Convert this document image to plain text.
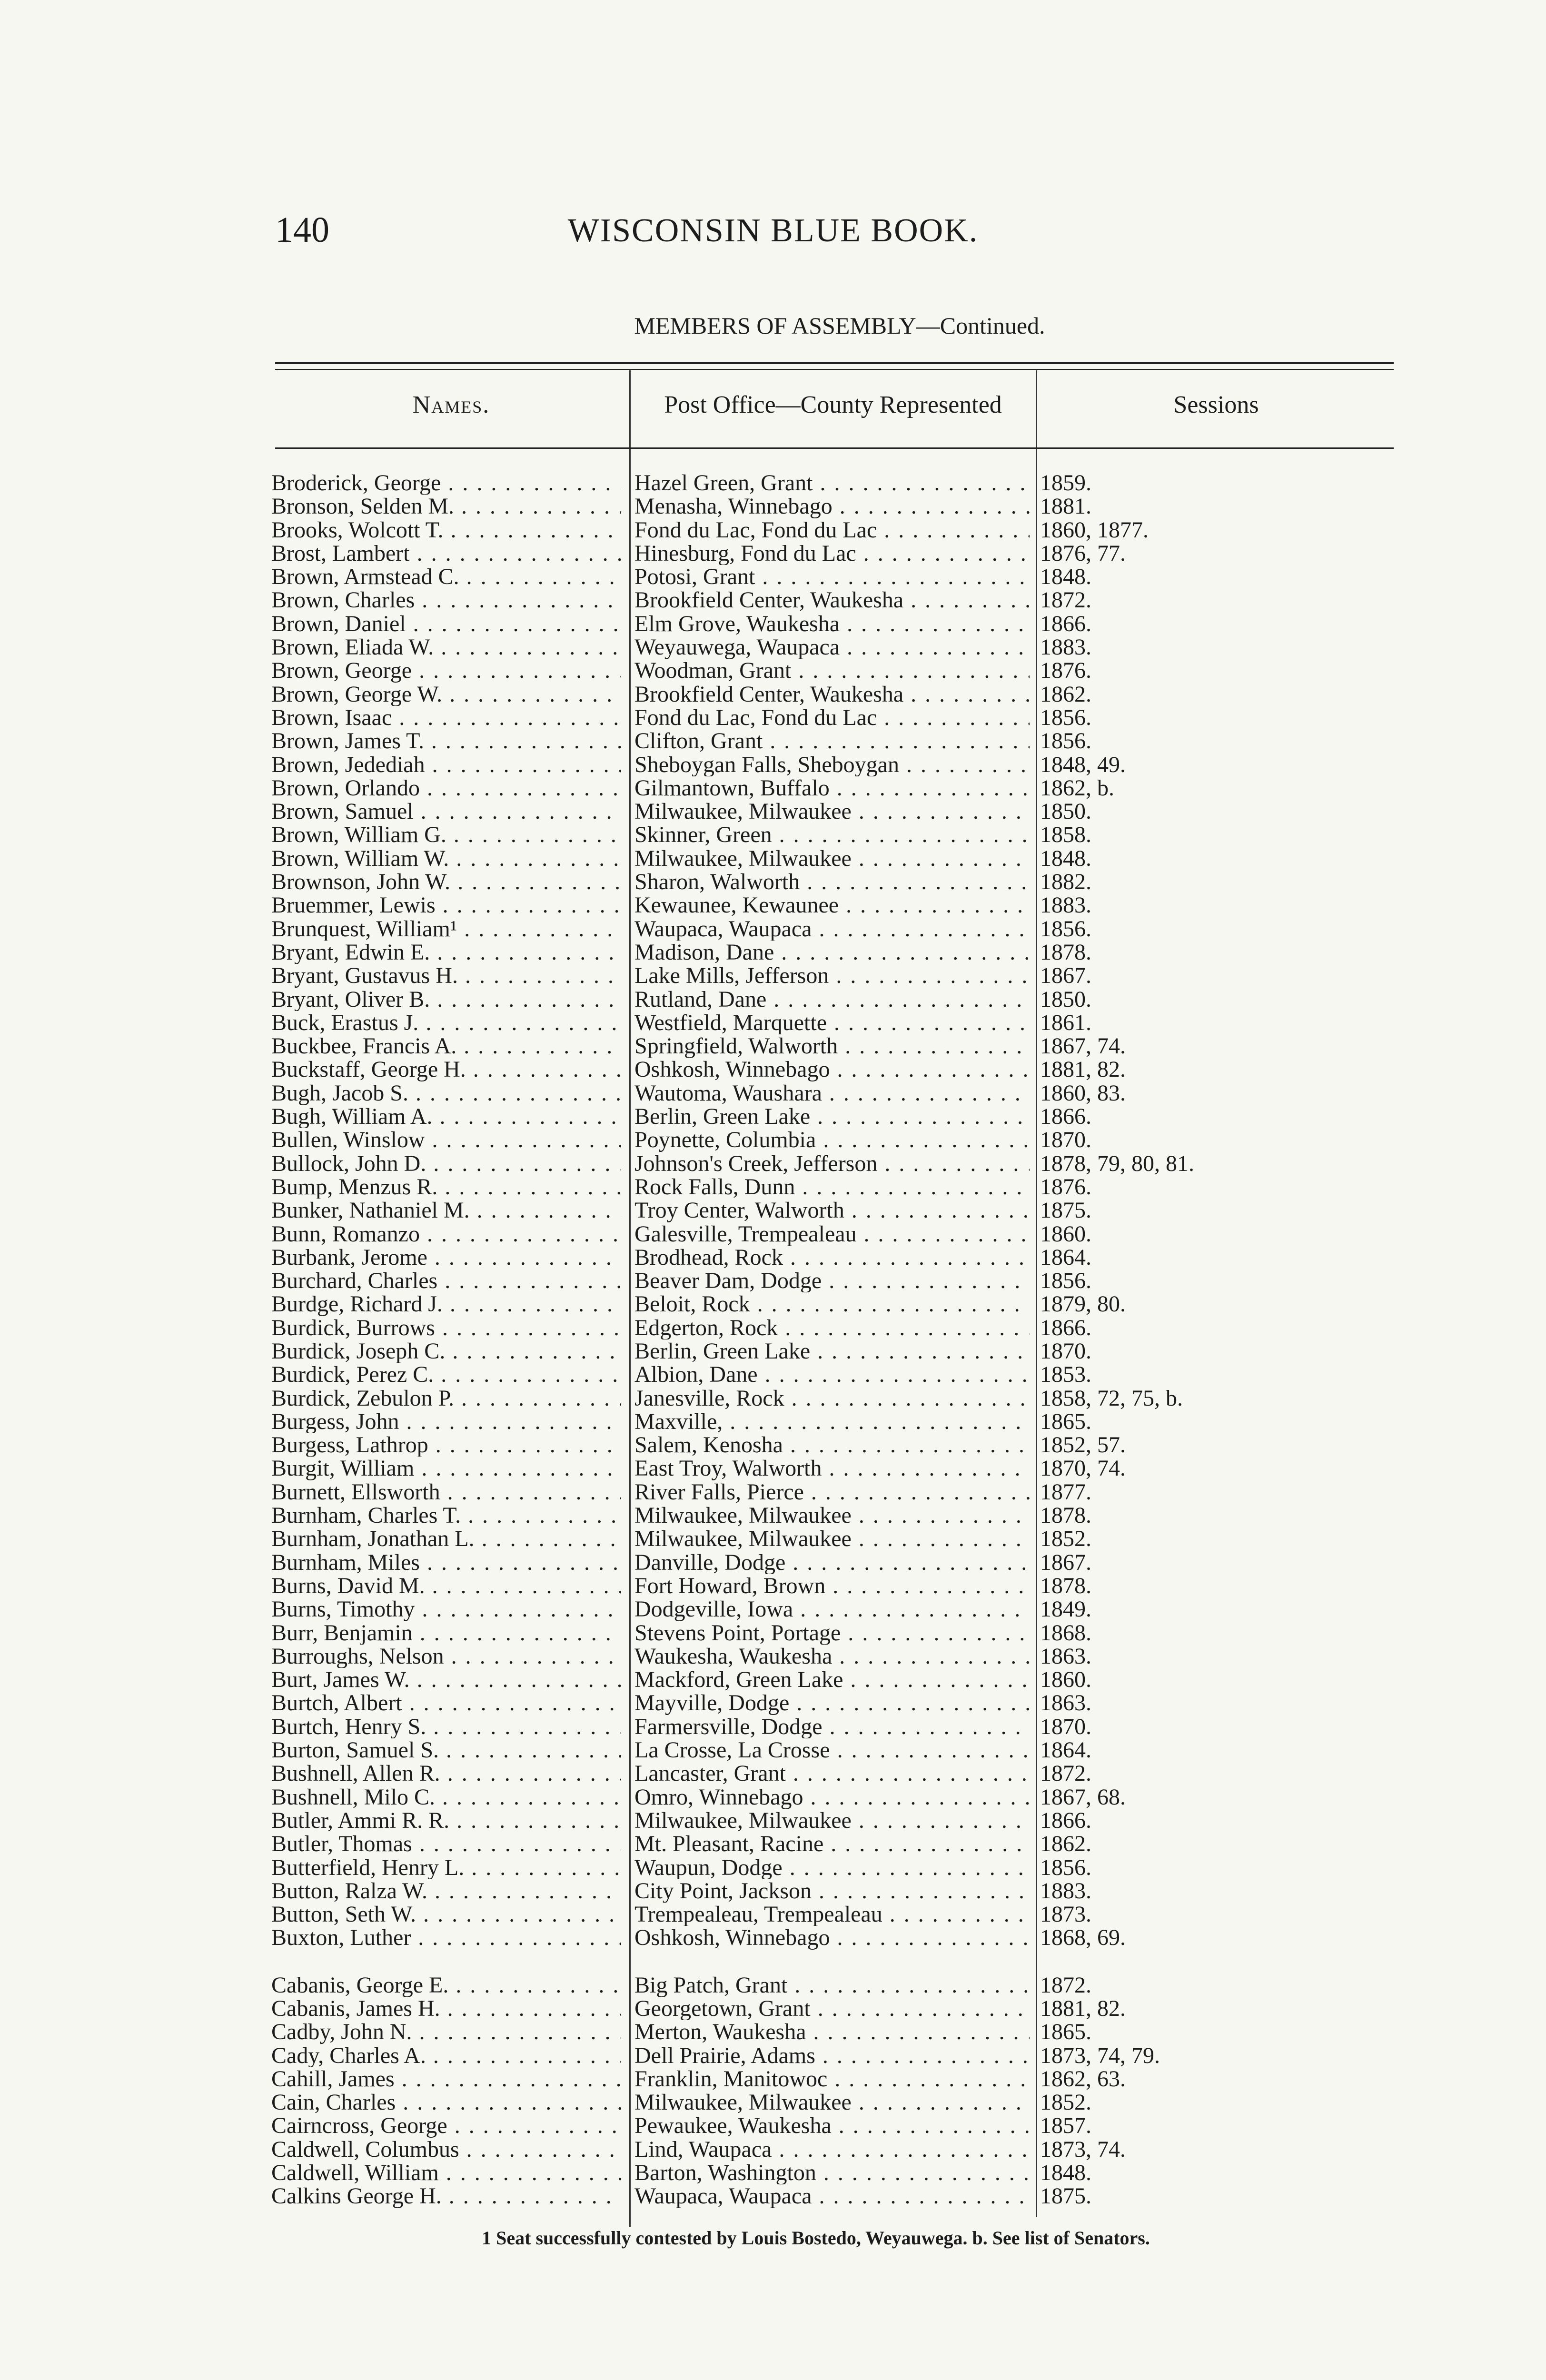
140	WISCONSIN BLUE BOOK.
MEMBERS OF ASSEMBLY—Continued.
Names.	Post Office—County Represented	Sessions
Broderick, George . . .	Hazel Green, Grant . . .	1859.
Bronson, Selden M. . . .	Menasha, Winnebago . . .	1881.
Brooks, Wolcott T. . . .	Fond du Lac, Fond du Lac . . .	1860, 1877.
Brost, Lambert . . .	Hinesburg, Fond du Lac . . .	1876, 77.
Brown, Armstead C. . . .	Potosi, Grant . . .	1848.
Brown, Charles . . .	Brookfield Center, Waukesha . . .	1872.
Brown, Daniel . . .	Elm Grove, Waukesha . . .	1866.
Brown, Eliada W. . . .	Weyauwega, Waupaca . . .	1883.
Brown, George . . .	Woodman, Grant . . .	1876.
Brown, George W. . . .	Brookfield Center, Waukesha . . .	1862.
Brown, Isaac . . .	Fond du Lac, Fond du Lac . . .	1856.
Brown, James T. . . .	Clifton, Grant . . .	1856.
Brown, Jedediah . . .	Sheboygan Falls, Sheboygan . . .	1848, 49.
Brown, Orlando . . .	Gilmantown, Buffalo . . .	1862, b.
Brown, Samuel . . .	Milwaukee, Milwaukee . . .	1850.
Brown, William G. . . .	Skinner, Green . . .	1858.
Brown, William W. . . .	Milwaukee, Milwaukee . . .	1848.
Brownson, John W. . . .	Sharon, Walworth . . .	1882.
Bruemmer, Lewis . . .	Kewaunee, Kewaunee . . .	1883.
Brunquest, William¹ . . .	Waupaca, Waupaca . . .	1856.
Bryant, Edwin E. . . .	Madison, Dane . . .	1878.
Bryant, Gustavus H. . . .	Lake Mills, Jefferson . . .	1867.
Bryant, Oliver B. . . .	Rutland, Dane . . .	1850.
Buck, Erastus J. . . .	Westfield, Marquette . . .	1861.
Buckbee, Francis A. . . .	Springfield, Walworth . . .	1867, 74.
Buckstaff, George H. . . .	Oshkosh, Winnebago . . .	1881, 82.
Bugh, Jacob S. . . .	Wautoma, Waushara . . .	1860, 83.
Bugh, William A. . . .	Berlin, Green Lake . . .	1866.
Bullen, Winslow . . .	Poynette, Columbia . . .	1870.
Bullock, John D. . . .	Johnson's Creek, Jefferson . . .	1878, 79, 80, 81.
Bump, Menzus R. . . .	Rock Falls, Dunn . . .	1876.
Bunker, Nathaniel M. . . .	Troy Center, Walworth . . .	1875.
Bunn, Romanzo . . .	Galesville, Trempealeau . . .	1860.
Burbank, Jerome . . .	Brodhead, Rock . . .	1864.
Burchard, Charles . . .	Beaver Dam, Dodge . . .	1856.
Burdge, Richard J. . . .	Beloit, Rock . . .	1879, 80.
Burdick, Burrows . . .	Edgerton, Rock . . .	1866.
Burdick, Joseph C. . . .	Berlin, Green Lake . . .	1870.
Burdick, Perez C. . . .	Albion, Dane . . .	1853.
Burdick, Zebulon P. . . .	Janesville, Rock . . .	1858, 72, 75, b.
Burgess, John . . .	Maxville, . . .	1865.
Burgess, Lathrop . . .	Salem, Kenosha . . .	1852, 57.
Burgit, William . . .	East Troy, Walworth . . .	1870, 74.
Burnett, Ellsworth . . .	River Falls, Pierce . . .	1877.
Burnham, Charles T. . . .	Milwaukee, Milwaukee . . .	1878.
Burnham, Jonathan L. . . .	Milwaukee, Milwaukee . . .	1852.
Burnham, Miles . . .	Danville, Dodge . . .	1867.
Burns, David M. . . .	Fort Howard, Brown . . .	1878.
Burns, Timothy . . .	Dodgeville, Iowa . . .	1849.
Burr, Benjamin . . .	Stevens Point, Portage . . .	1868.
Burroughs, Nelson . . .	Waukesha, Waukesha . . .	1863.
Burt, James W. . . .	Mackford, Green Lake . . .	1860.
Burtch, Albert . . .	Mayville, Dodge . . .	1863.
Burtch, Henry S. . . .	Farmersville, Dodge . . .	1870.
Burton, Samuel S. . . .	La Crosse, La Crosse . . .	1864.
Bushnell, Allen R. . . .	Lancaster, Grant . . .	1872.
Bushnell, Milo C. . . .	Omro, Winnebago . . .	1867, 68.
Butler, Ammi R. R. . . .	Milwaukee, Milwaukee . . .	1866.
Butler, Thomas . . .	Mt. Pleasant, Racine . . .	1862.
Butterfield, Henry L. . . .	Waupun, Dodge . . .	1856.
Button, Ralza W. . . .	City Point, Jackson . . .	1883.
Button, Seth W. . . .	Trempealeau, Trempealeau . . .	1873.
Buxton, Luther . . .	Oshkosh, Winnebago . . .	1868, 69.
Cabanis, George E. . . .	Big Patch, Grant . . .	1872.
Cabanis, James H. . . .	Georgetown, Grant . . .	1881, 82.
Cadby, John N. . . .	Merton, Waukesha . . .	1865.
Cady, Charles A. . . .	Dell Prairie, Adams . . .	1873, 74, 79.
Cahill, James . . .	Franklin, Manitowoc . . .	1862, 63.
Cain, Charles . . .	Milwaukee, Milwaukee . . .	1852.
Cairncross, George . . .	Pewaukee, Waukesha . . .	1857.
Caldwell, Columbus . . .	Lind, Waupaca . . .	1873, 74.
Caldwell, William . . .	Barton, Washington . . .	1848.
Calkins George H. . . .	Waupaca, Waupaca . . .	1875.
1 Seat successfully contested by Louis Bostedo, Weyauwega. b. See list of Senators.
